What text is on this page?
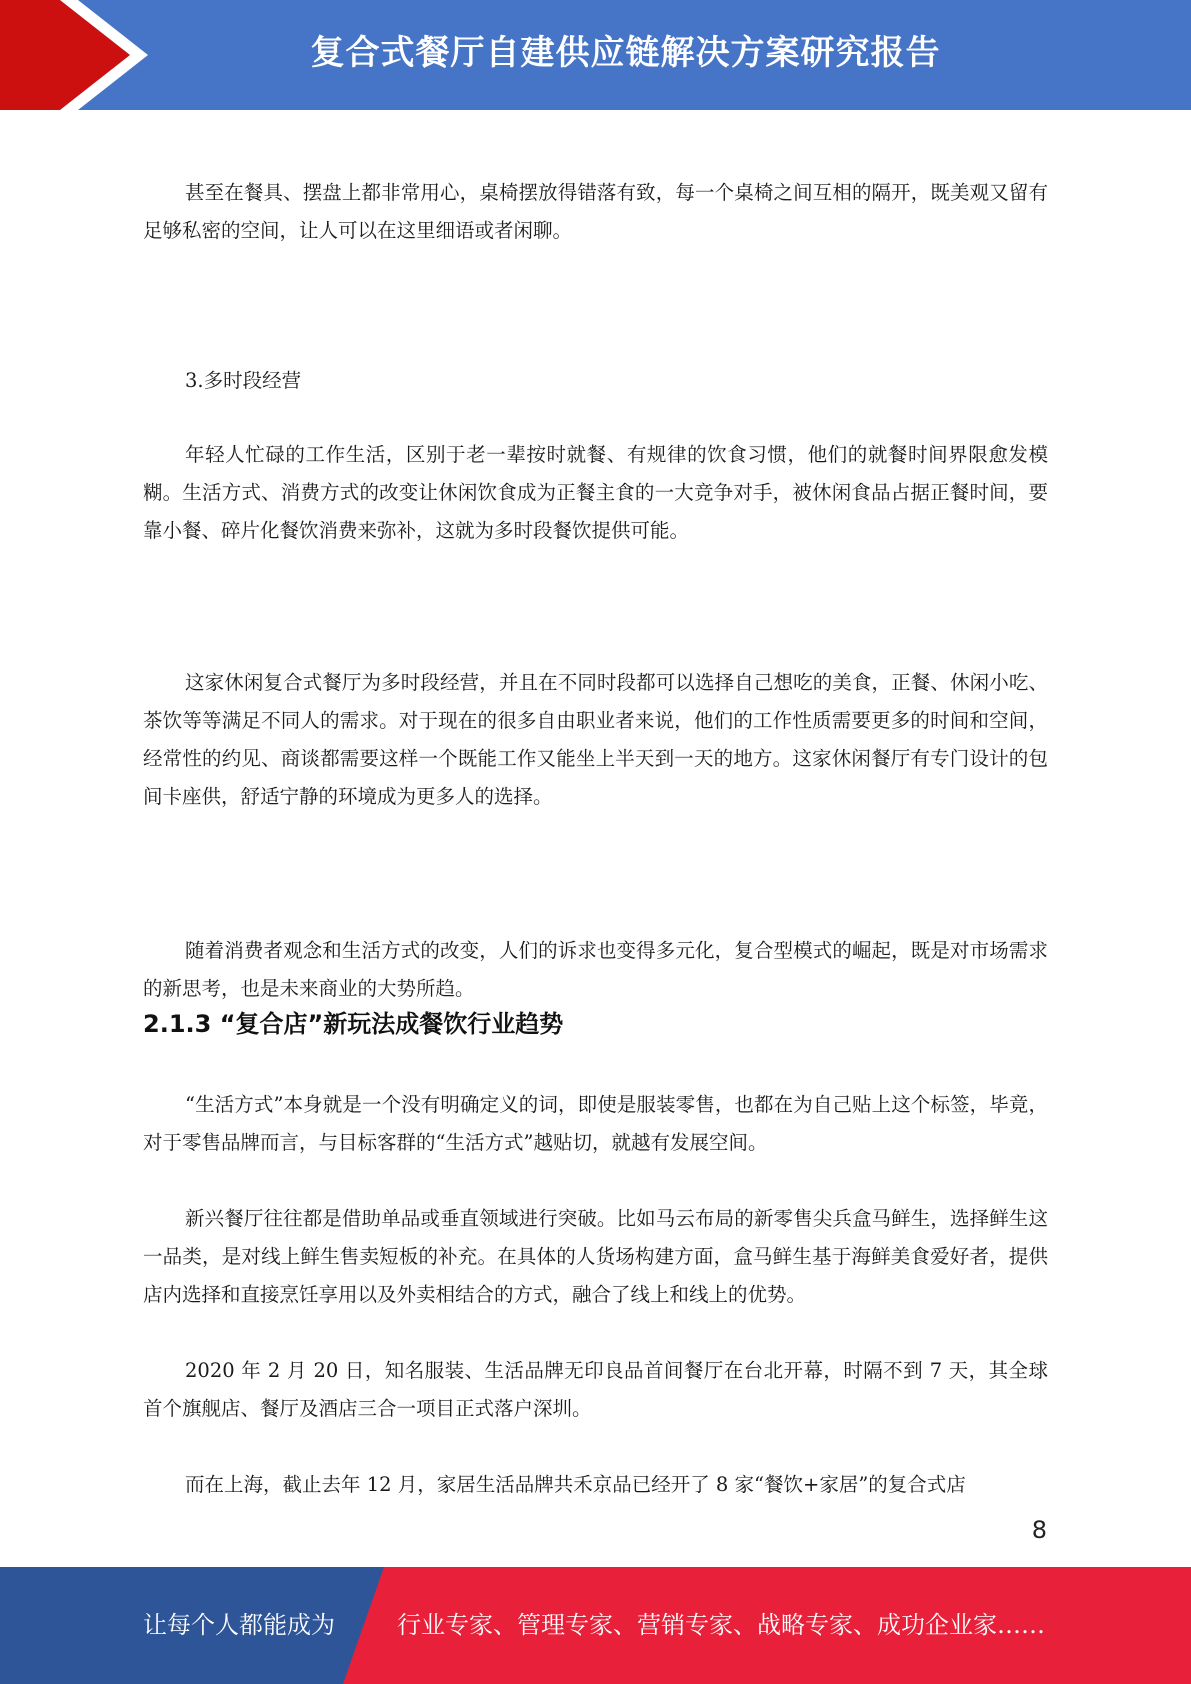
复合式餐厅自建供应链解决方案研究报告

甚至在餐具、摆盘上都非常用心，桌椅摆放得错落有致，每一个桌椅之间互相的隔开，既美观又留有足够私密的空间，让人可以在这里细语或者闲聊。

3.多时段经营

年轻人忙碌的工作生活，区别于老一辈按时就餐、有规律的饮食习惯，他们的就餐时间界限愈发模糊。生活方式、消费方式的改变让休闲饮食成为正餐主食的一大竞争对手，被休闲食品占据正餐时间，要靠小餐、碎片化餐饮消费来弥补，这就为多时段餐饮提供可能。

这家休闲复合式餐厅为多时段经营，并且在不同时段都可以选择自己想吃的美食，正餐、休闲小吃、茶饮等等满足不同人的需求。对于现在的很多自由职业者来说，他们的工作性质需要更多的时间和空间，经常性的约见、商谈都需要这样一个既能工作又能坐上半天到一天的地方。这家休闲餐厅有专门设计的包间卡座供，舒适宁静的环境成为更多人的选择。

随着消费者观念和生活方式的改变，人们的诉求也变得多元化，复合型模式的崛起，既是对市场需求的新思考，也是未来商业的大势所趋。

2.1.3 “复合店”新玩法成餐饮行业趋势

“生活方式”本身就是一个没有明确定义的词，即使是服装零售，也都在为自己贴上这个标签，毕竟，对于零售品牌而言，与目标客群的“生活方式”越贴切，就越有发展空间。

新兴餐厅往往都是借助单品或垂直领域进行突破。比如马云布局的新零售尖兵盒马鲜生，选择鲜生这一品类，是对线上鲜生售卖短板的补充。在具体的人货场构建方面，盒马鲜生基于海鲜美食爱好者，提供店内选择和直接烹饪享用以及外卖相结合的方式，融合了线上和线上的优势。

2020 年 2 月 20 日，知名服装、生活品牌无印良品首间餐厅在台北开幕，时隔不到 7 天，其全球首个旗舰店、餐厅及酒店三合一项目正式落户深圳。

而在上海，截止去年 12 月，家居生活品牌共禾京品已经开了 8 家“餐饮+家居”的复合式店

8
让每个人都能成为	行业专家、管理专家、营销专家、战略专家、成功企业家……
